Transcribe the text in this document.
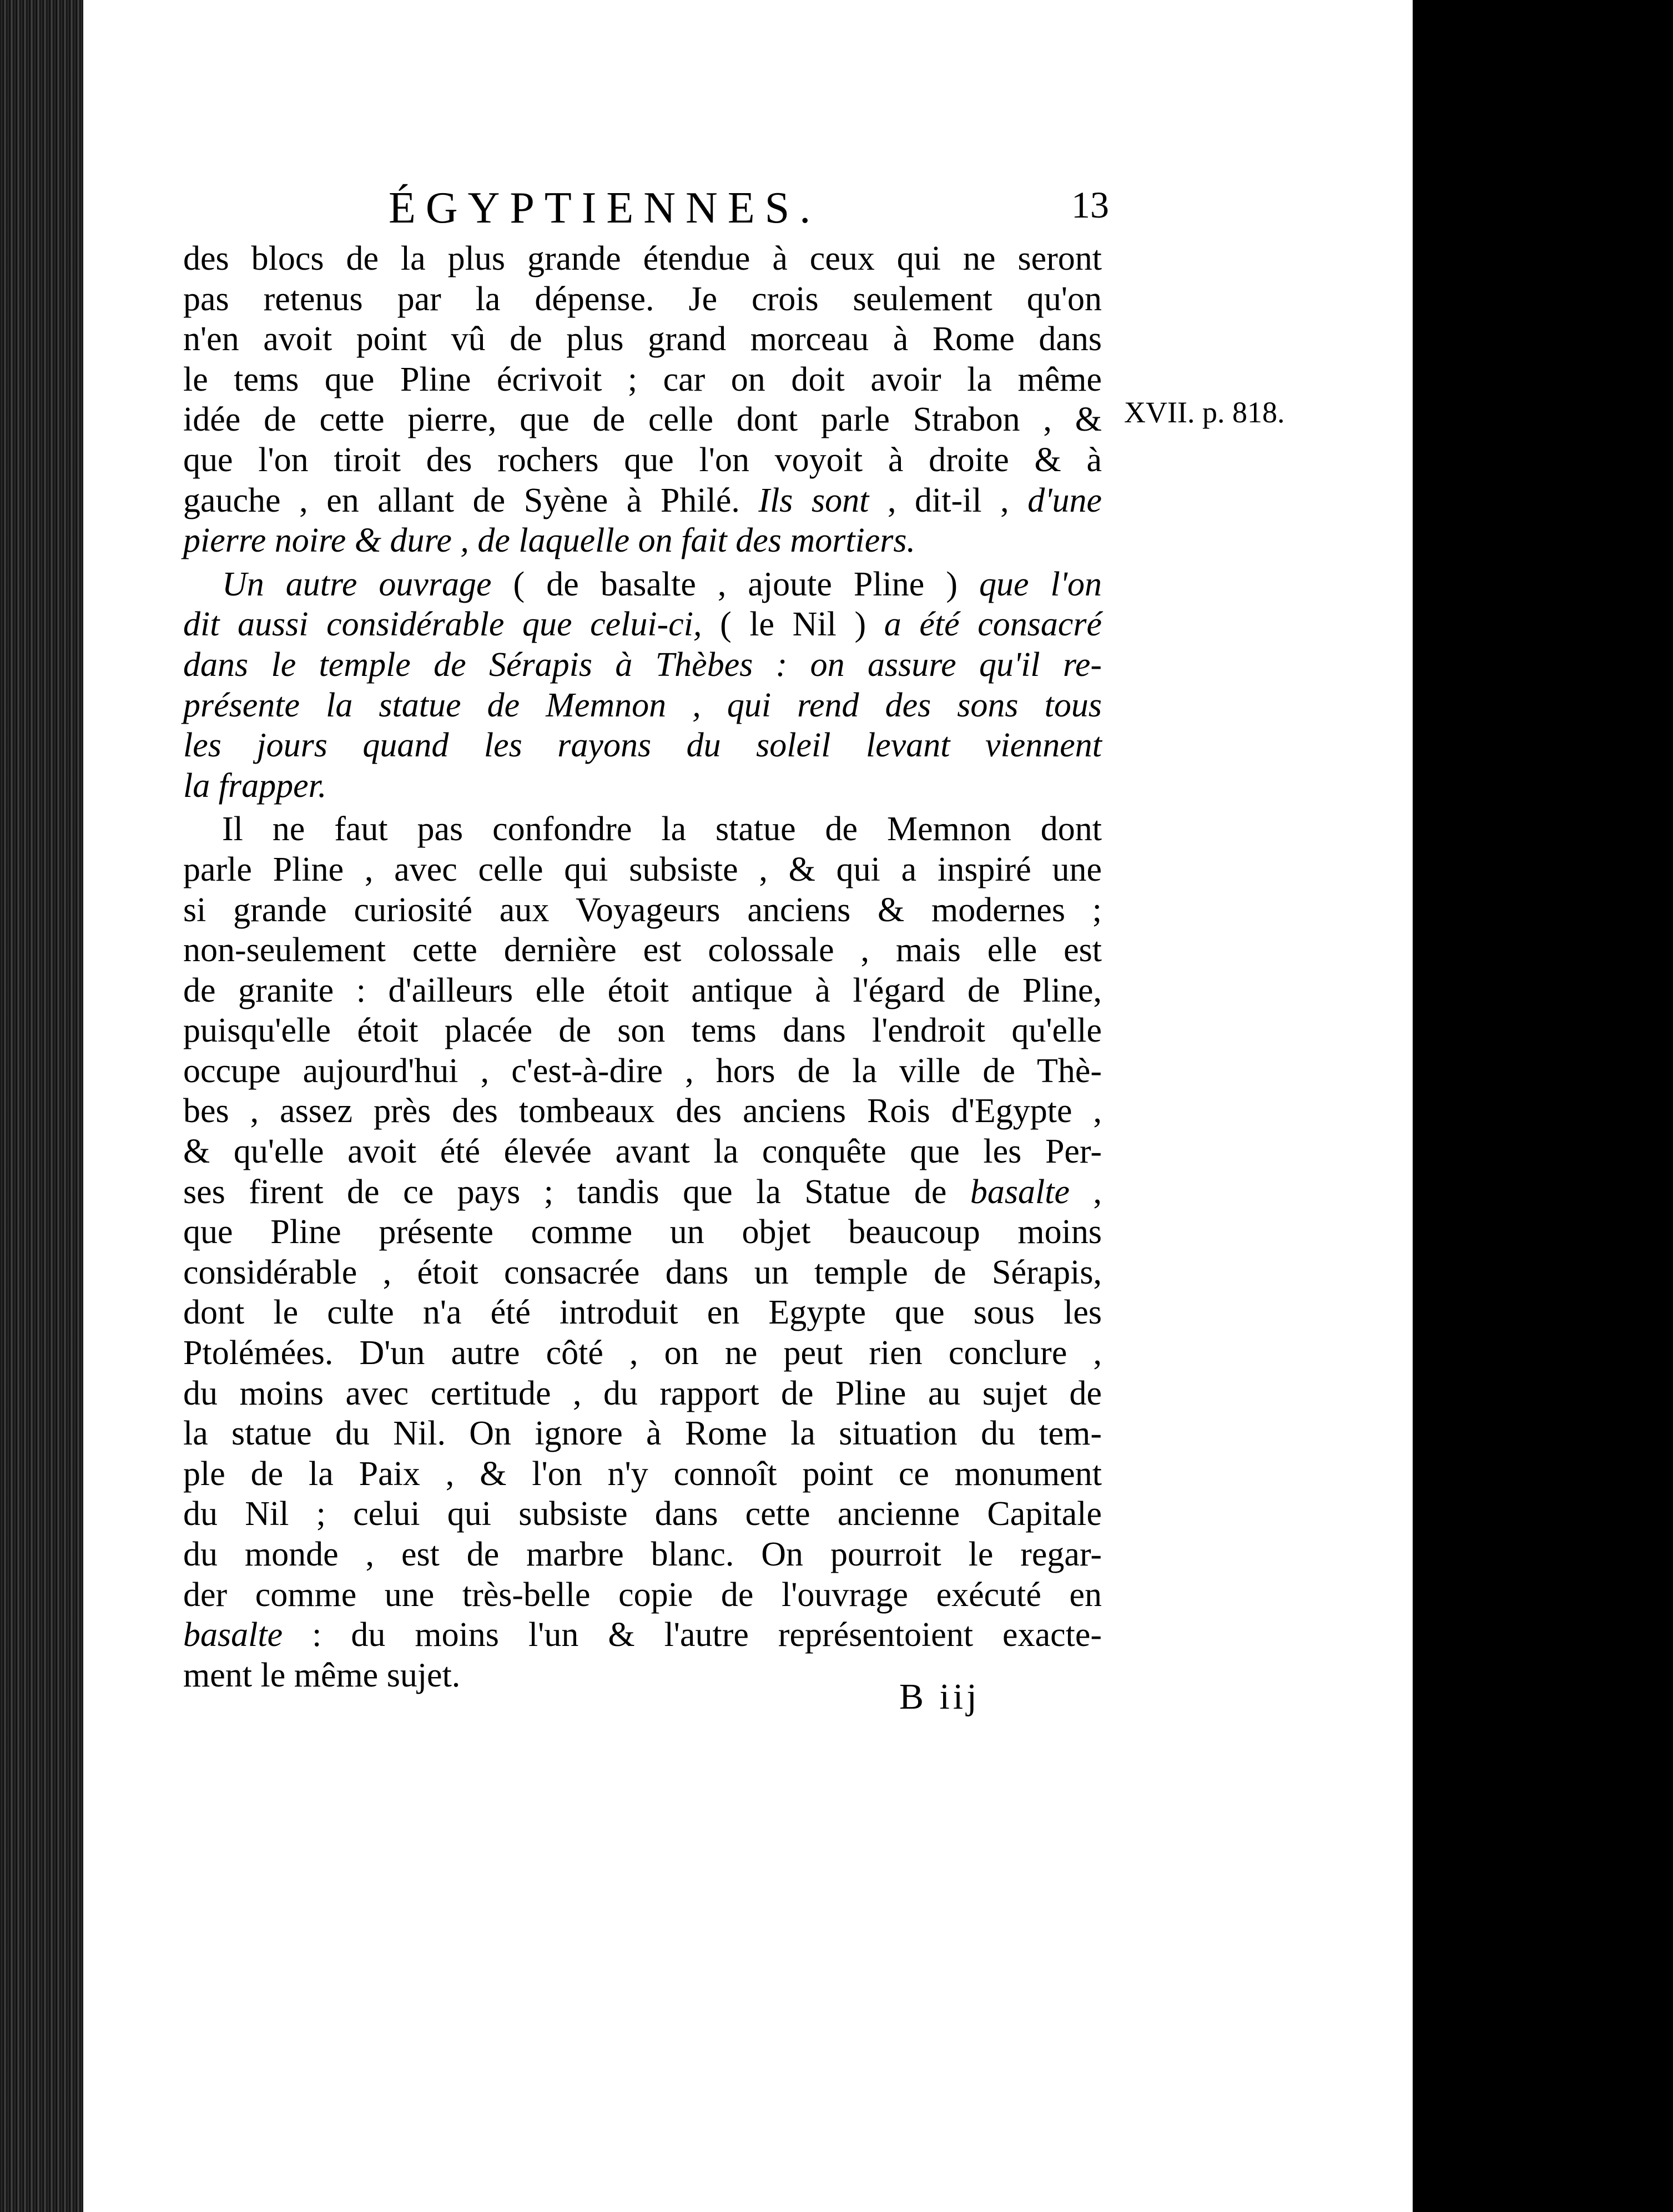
ÉGYPTIENNES.	13
XVII. p. 818.
des blocs de la plus grande étendue à ceux qui ne seront
pas retenus par la dépense. Je crois seulement qu'on
n'en avoit point vû de plus grand morceau à Rome dans
le tems que Pline écrivoit ; car on doit avoir la même
idée de cette pierre, que de celle dont parle Strabon , &
que l'on tiroit des rochers que l'on voyoit à droite & à
gauche , en allant de Syène à Philé. Ils sont , dit-il , d'une
pierre noire & dure , de laquelle on fait des mortiers.
Un autre ouvrage ( de basalte , ajoute Pline ) que l'on
dit aussi considérable que celui-ci, ( le Nil ) a été consacré
dans le temple de Sérapis à Thèbes : on assure qu'il re-
présente la statue de Memnon , qui rend des sons tous
les jours quand les rayons du soleil levant viennent
la frapper.
Il ne faut pas confondre la statue de Memnon dont
parle Pline , avec celle qui subsiste , & qui a inspiré une
si grande curiosité aux Voyageurs anciens & modernes ;
non-seulement cette dernière est colossale , mais elle est
de granite : d'ailleurs elle étoit antique à l'égard de Pline,
puisqu'elle étoit placée de son tems dans l'endroit qu'elle
occupe aujourd'hui , c'est-à-dire , hors de la ville de Thè-
bes , assez près des tombeaux des anciens Rois d'Egypte ,
& qu'elle avoit été élevée avant la conquête que les Per-
ses firent de ce pays ; tandis que la Statue de basalte ,
que Pline présente comme un objet beaucoup moins
considérable , étoit consacrée dans un temple de Sérapis,
dont le culte n'a été introduit en Egypte que sous les
Ptolémées. D'un autre côté , on ne peut rien conclure ,
du moins avec certitude , du rapport de Pline au sujet de
la statue du Nil. On ignore à Rome la situation du tem-
ple de la Paix , & l'on n'y connoît point ce monument
du Nil ; celui qui subsiste dans cette ancienne Capitale
du monde , est de marbre blanc. On pourroit le regar-
der comme une très-belle copie de l'ouvrage exécuté en
basalte : du moins l'un & l'autre représentoient exacte-
ment le même sujet.
B iij
